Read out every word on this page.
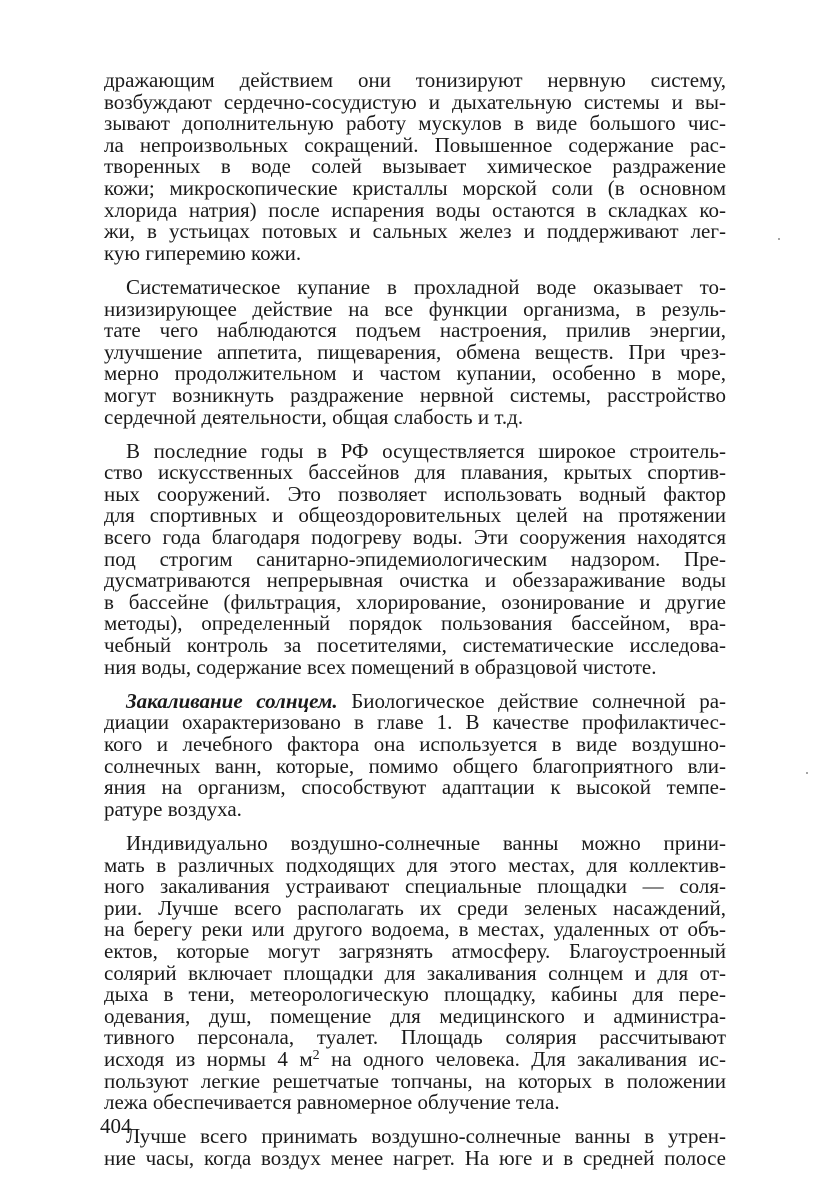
дражающим действием они тонизируют нервную систему,
возбуждают сердечно-сосудистую и дыхательную системы и вы-
зывают дополнительную работу мускулов в виде большого чис-
ла непроизвольных сокращений. Повышенное содержание рас-
творенных в воде солей вызывает химическое раздражение
кожи; микроскопические кристаллы морской соли (в основном
хлорида натрия) после испарения воды остаются в складках ко-
жи, в устьицах потовых и сальных желез и поддерживают лег-
кую гиперемию кожи.
Систематическое купание в прохладной воде оказывает то-
низизирующее действие на все функции организма, в резуль-
тате чего наблюдаются подъем настроения, прилив энергии,
улучшение аппетита, пищеварения, обмена веществ. При чрез-
мерно продолжительном и частом купании, особенно в море,
могут возникнуть раздражение нервной системы, расстройство
сердечной деятельности, общая слабость и т.д.
В последние годы в РФ осуществляется широкое строитель-
ство искусственных бассейнов для плавания, крытых спортив-
ных сооружений. Это позволяет использовать водный фактор
для спортивных и общеоздоровительных целей на протяжении
всего года благодаря подогреву воды. Эти сооружения находятся
под строгим санитарно-эпидемиологическим надзором. Пре-
дусматриваются непрерывная очистка и обеззараживание воды
в бассейне (фильтрация, хлорирование, озонирование и другие
методы), определенный порядок пользования бассейном, вра-
чебный контроль за посетителями, систематические исследова-
ния воды, содержание всех помещений в образцовой чистоте.
Закаливание солнцем. Биологическое действие солнечной ра-
диации охарактеризовано в главе 1. В качестве профилактичес-
кого и лечебного фактора она используется в виде воздушно-
солнечных ванн, которые, помимо общего благоприятного вли-
яния на организм, способствуют адаптации к высокой темпе-
ратуре воздуха.
Индивидуально воздушно-солнечные ванны можно прини-
мать в различных подходящих для этого местах, для коллектив-
ного закаливания устраивают специальные площадки — соля-
рии. Лучше всего располагать их среди зеленых насаждений,
на берегу реки или другого водоема, в местах, удаленных от объ-
ектов, которые могут загрязнять атмосферу. Благоустроенный
солярий включает площадки для закаливания солнцем и для от-
дыха в тени, метеорологическую площадку, кабины для пере-
одевания, душ, помещение для медицинского и администра-
тивного персонала, туалет. Площадь солярия рассчитывают
исходя из нормы 4 $м^2$ на одного человека. Для закаливания ис-
пользуют легкие решетчатые топчаны, на которых в положении
лежа обеспечивается равномерное облучение тела.
Лучше всего принимать воздушно-солнечные ванны в утрен-
ние часы, когда воздух менее нагрет. На юге и в средней полосе
404
